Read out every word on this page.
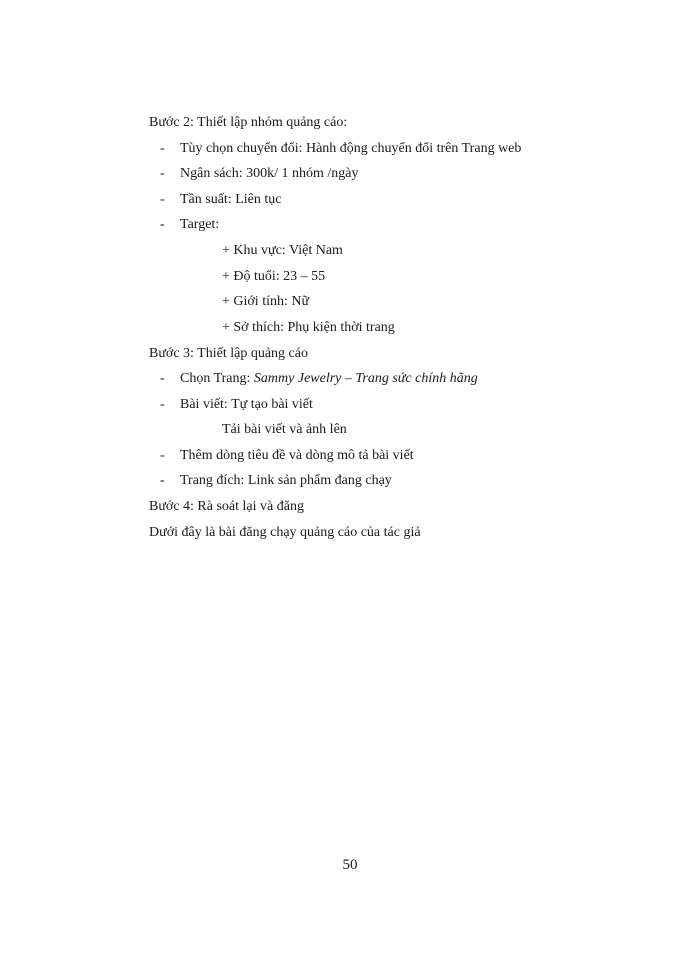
Bước 2: Thiết lập nhóm quảng cáo:
- Tùy chọn chuyển đổi: Hành động chuyển đổi trên Trang web
- Ngân sách: 300k/ 1 nhóm /ngày
- Tần suất: Liên tục
- Target:
+ Khu vực: Việt Nam
+ Độ tuổi: 23 – 55
+ Giới tính: Nữ
+ Sở thích: Phụ kiện thời trang
Bước 3: Thiết lập quảng cáo
- Chọn Trang: Sammy Jewelry – Trang sức chính hãng
- Bài viết: Tự tạo bài viết
Tải bài viết và ảnh lên
- Thêm dòng tiêu đề và dòng mô tả bài viết
- Trang đích: Link sản phẩm đang chạy
Bước 4: Rà soát lại và đăng
Dưới đây là bài đăng chạy quảng cáo của tác giả
50
